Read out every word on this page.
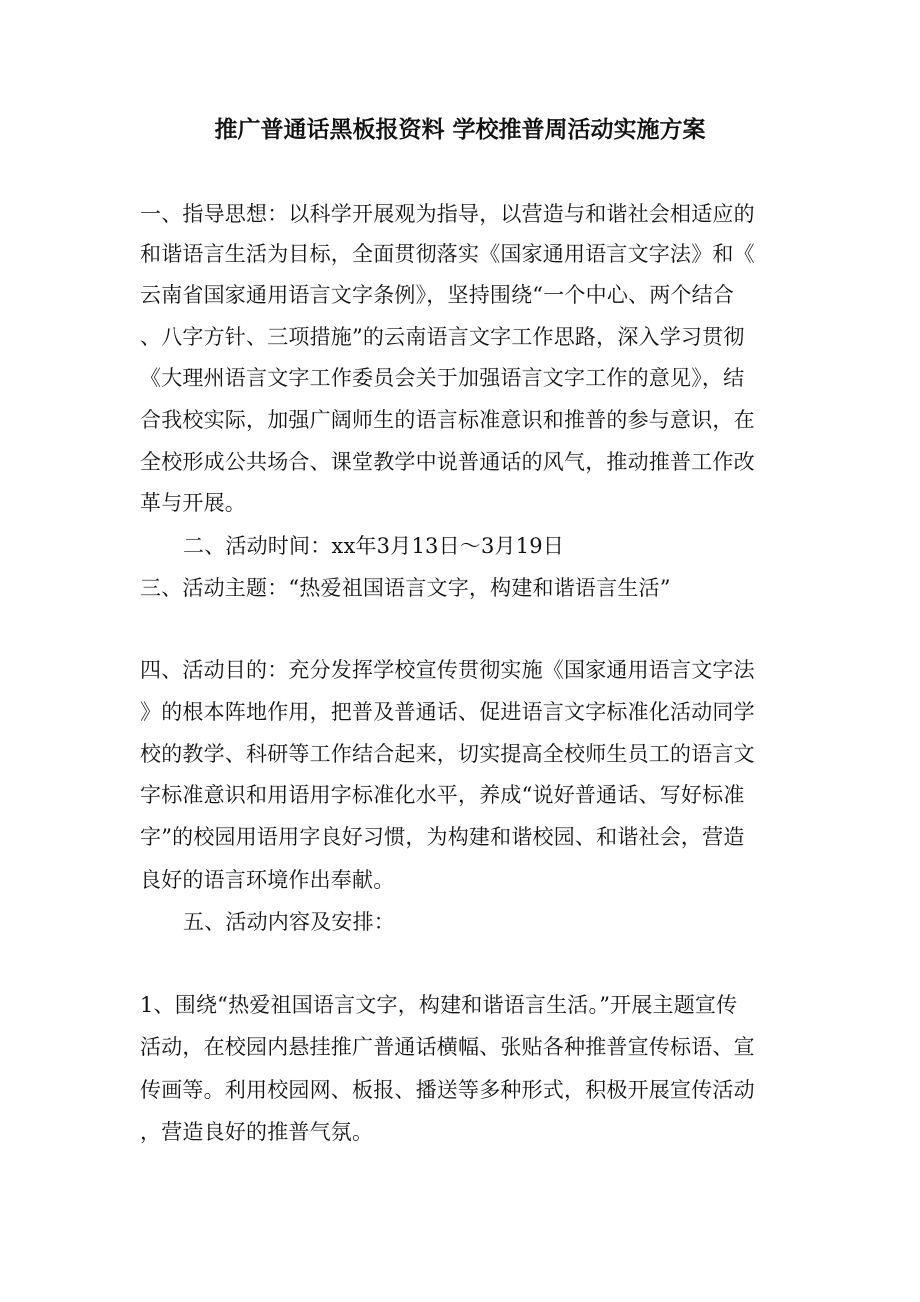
推广普通话黑板报资料 学校推普周活动实施方案
一、指导思想：以科学开展观为指导，以营造与和谐社会相适应的
和谐语言生活为目标，全面贯彻落实《国家通用语言文字法》和《
云南省国家通用语言文字条例》，坚持围绕“一个中心、两个结合
、八字方针、三项措施”的云南语言文字工作思路，深入学习贯彻
《大理州语言文字工作委员会关于加强语言文字工作的意见》，结
合我校实际，加强广阔师生的语言标准意识和推普的参与意识，在
全校形成公共场合、课堂教学中说普通话的风气，推动推普工作改
革与开展。
二、活动时间：xx年3月13日～3月19日
三、活动主题：“热爱祖国语言文字，构建和谐语言生活”
四、活动目的：充分发挥学校宣传贯彻实施《国家通用语言文字法
》的根本阵地作用，把普及普通话、促进语言文字标准化活动同学
校的教学、科研等工作结合起来，切实提高全校师生员工的语言文
字标准意识和用语用字标准化水平，养成“说好普通话、写好标准
字”的校园用语用字良好习惯，为构建和谐校园、和谐社会，营造
良好的语言环境作出奉献。
五、活动内容及安排：
1、围绕“热爱祖国语言文字，构建和谐语言生活。”开展主题宣传
活动，在校园内悬挂推广普通话横幅、张贴各种推普宣传标语、宣
传画等。利用校园网、板报、播送等多种形式，积极开展宣传活动
，营造良好的推普气氛。
